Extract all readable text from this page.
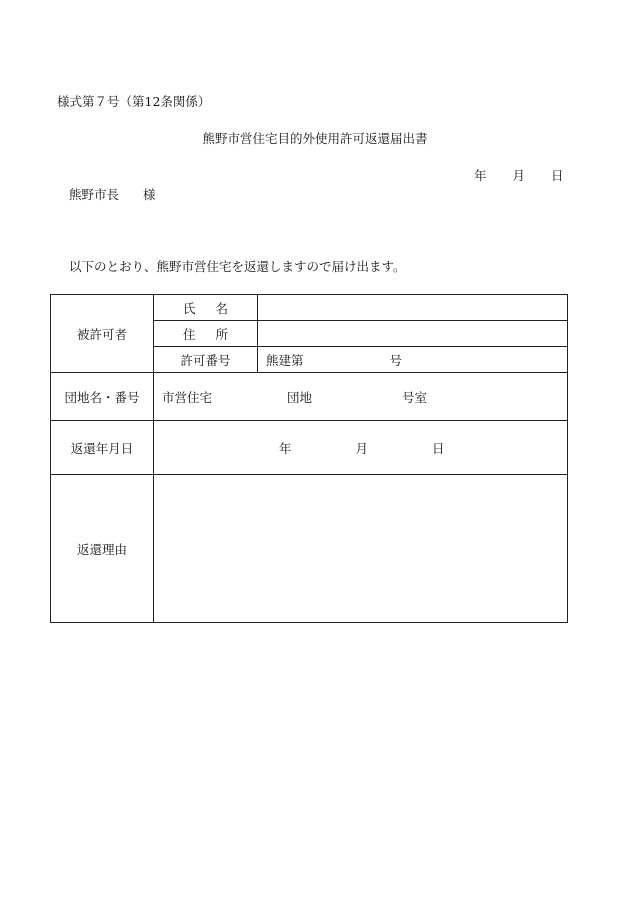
様式第７号（第12条関係）
熊野市営住宅目的外使用許可返還届出書
年 月 日
熊野市長 様
以下のとおり、熊野市営住宅を返還しますので届け出ます。
被許可者	氏名	
	住所	
	許可番号	熊建第 号
団地名・番号	市営住宅 団地 号室	
返還年月日	年 月 日	
返還理由		
